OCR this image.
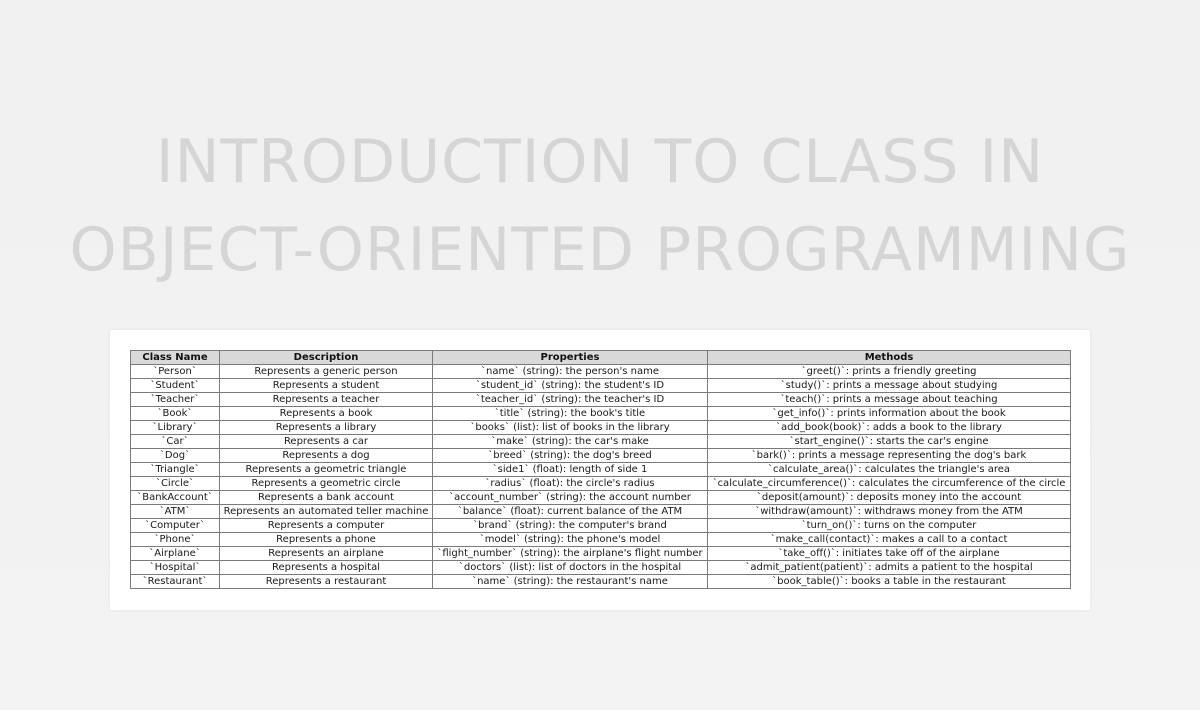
INTRODUCTION TO CLASS IN
OBJECT-ORIENTED PROGRAMMING
Class Name	Description	Properties	Methods
`Person`	Represents a generic person	`name` (string): the person's name	`greet()`: prints a friendly greeting
`Student`	Represents a student	`student_id` (string): the student's ID	`study()`: prints a message about studying
`Teacher`	Represents a teacher	`teacher_id` (string): the teacher's ID	`teach()`: prints a message about teaching
`Book`	Represents a book	`title` (string): the book's title	`get_info()`: prints information about the book
`Library`	Represents a library	`books` (list): list of books in the library	`add_book(book)`: adds a book to the library
`Car`	Represents a car	`make` (string): the car's make	`start_engine()`: starts the car's engine
`Dog`	Represents a dog	`breed` (string): the dog's breed	`bark()`: prints a message representing the dog's bark
`Triangle`	Represents a geometric triangle	`side1` (float): length of side 1	`calculate_area()`: calculates the triangle's area
`Circle`	Represents a geometric circle	`radius` (float): the circle's radius	`calculate_circumference()`: calculates the circumference of the circle
`BankAccount`	Represents a bank account	`account_number` (string): the account number	`deposit(amount)`: deposits money into the account
`ATM`	Represents an automated teller machine	`balance` (float): current balance of the ATM	`withdraw(amount)`: withdraws money from the ATM
`Computer`	Represents a computer	`brand` (string): the computer's brand	`turn_on()`: turns on the computer
`Phone`	Represents a phone	`model` (string): the phone's model	`make_call(contact)`: makes a call to a contact
`Airplane`	Represents an airplane	`flight_number` (string): the airplane's flight number	`take_off()`: initiates take off of the airplane
`Hospital`	Represents a hospital	`doctors` (list): list of doctors in the hospital	`admit_patient(patient)`: admits a patient to the hospital
`Restaurant`	Represents a restaurant	`name` (string): the restaurant's name	`book_table()`: books a table in the restaurant
